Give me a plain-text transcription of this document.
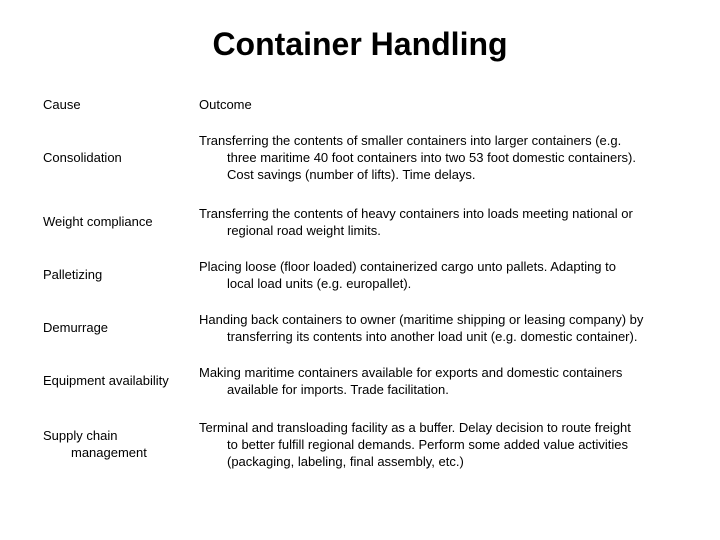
Container Handling
Cause	Outcome
Consolidation
Transferring the contents of smaller containers into larger containers (e.g.
three maritime 40 foot containers into two 53 foot domestic containers).
Cost savings (number of lifts). Time delays.
Weight compliance
Transferring the contents of heavy containers into loads meeting national or
regional road weight limits.
Palletizing
Placing loose (floor loaded) containerized cargo unto pallets. Adapting to
local load units (e.g. europallet).
Demurrage
Handing back containers to owner (maritime shipping or leasing company) by
transferring its contents into another load unit (e.g. domestic container).
Equipment availability
Making maritime containers available for exports and domestic containers
available for imports. Trade facilitation.
Supply chain
management
Terminal and transloading facility as a buffer. Delay decision to route freight
to better fulfill regional demands. Perform some added value activities
(packaging, labeling, final assembly, etc.)
